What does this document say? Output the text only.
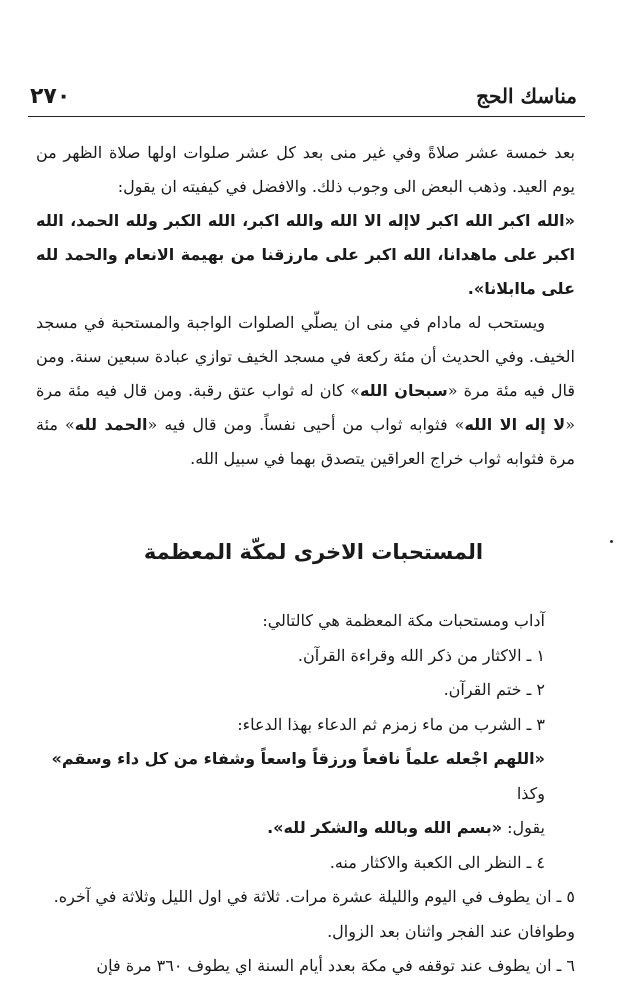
مناسك الحج
٢٧٠

بعد خمسة عشر صلاةً وفي غير منى بعد كل عشر صلوات اولها صلاة الظهر من يوم العيد. وذهب البعض الى وجوب ذلك. والافضل في كيفيته ان يقول:

«الله اكبر الله اكبر لاإله الا الله والله اكبر، الله الكبر ولله الحمد، الله اكبر على ماهدانا، الله اكبر على مارزقنا من بهيمة الانعام والحمد لله على ماابلانا».

ويستحب له مادام في منى ان يصلّي الصلوات الواجبة والمستحبة في مسجد الخيف. وفي الحديث أن مئة ركعة في مسجد الخيف توازي عبادة سبعين سنة. ومن قال فيه مئة مرة «سبحان الله» كان له ثواب عتق رقبة. ومن قال فيه مئة مرة «لا إله الا الله» فثوابه ثواب من أحيى نفساً. ومن قال فيه «الحمد لله» مئة مرة فثوابه ثواب خراج العراقين يتصدق بهما في سبيل الله.

المستحبات الاخرى لمكّة المعظمة

آداب ومستحبات مكة المعظمة هي كالتالي:

١ ـ الاكثار من ذكر الله وقراءة القرآن.

٢ ـ ختم القرآن.

٣ ـ الشرب من ماء زمزم ثم الدعاء بهذا الدعاء:

«اللهم اجْعله علماً نافعاً ورزقاً واسعاً وشفاء من كل داء وسقم» وكذا

يقول: «بسم الله وبالله والشكر لله».

٤ ـ النظر الى الكعبة والاكثار منه.

٥ ـ ان يطوف في اليوم والليلة عشرة مرات. ثلاثة في اول الليل وثلاثة في آخره.

وطوافان عند الفجر واثنان بعد الزوال.

٦ ـ ان يطوف عند توقفه في مكة بعدد أيام السنة اي يطوف ٣٦٠ مرة فإن
